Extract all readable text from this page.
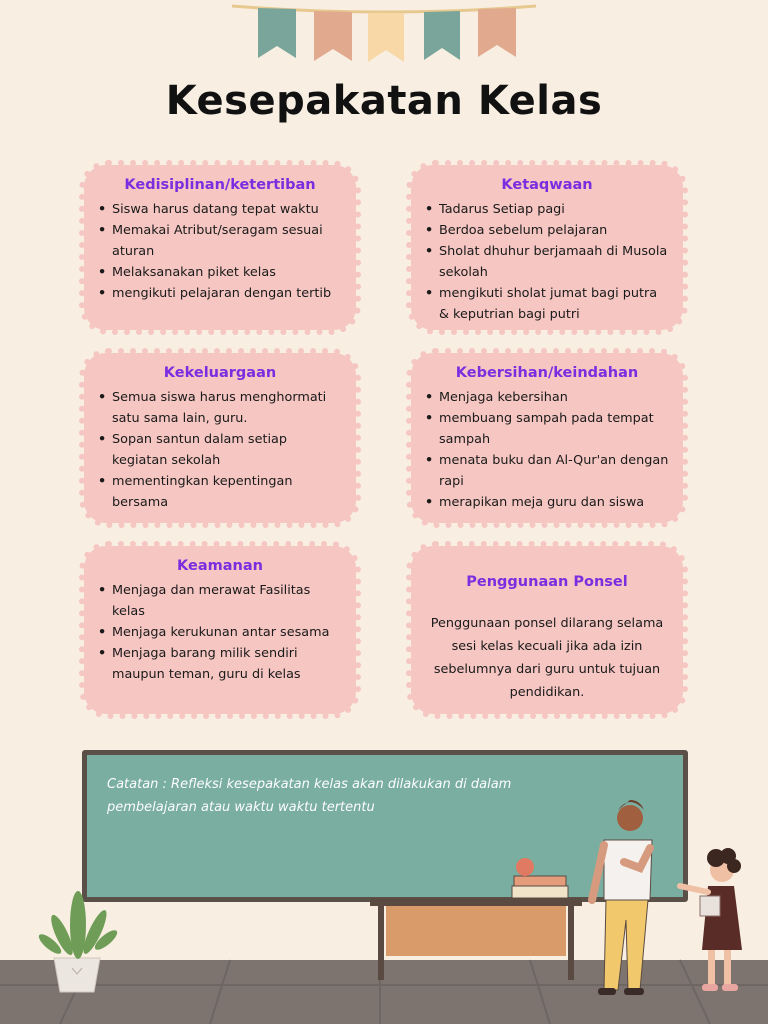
Kesepakatan Kelas
Kedisiplinan/ketertiban
• Siswa harus datang tepat waktu
• Memakai Atribut/seragam sesuai aturan
• Melaksanakan piket kelas
• mengikuti pelajaran dengan tertib
Ketaqwaan
• Tadarus Setiap pagi
• Berdoa sebelum pelajaran
• Sholat dhuhur berjamaah di Musola sekolah
• mengikuti sholat jumat bagi putra & keputrian bagi putri
Kekeluargaan
• Semua siswa harus menghormati satu sama lain, guru.
• Sopan santun dalam setiap kegiatan sekolah
• mementingkan kepentingan bersama
Kebersihan/keindahan
• Menjaga kebersihan
• membuang sampah pada tempat sampah
• menata buku dan Al-Qur'an dengan rapi
• merapikan meja guru dan siswa
Keamanan
• Menjaga dan merawat Fasilitas kelas
• Menjaga kerukunan antar sesama
• Menjaga barang milik sendiri maupun teman, guru di kelas
Penggunaan Ponsel

Penggunaan ponsel dilarang selama sesi kelas kecuali jika ada izin sebelumnya dari guru untuk tujuan pendidikan.

Catatan : Refleksi kesepakatan kelas akan dilakukan di dalam pembelajaran atau waktu waktu tertentu
